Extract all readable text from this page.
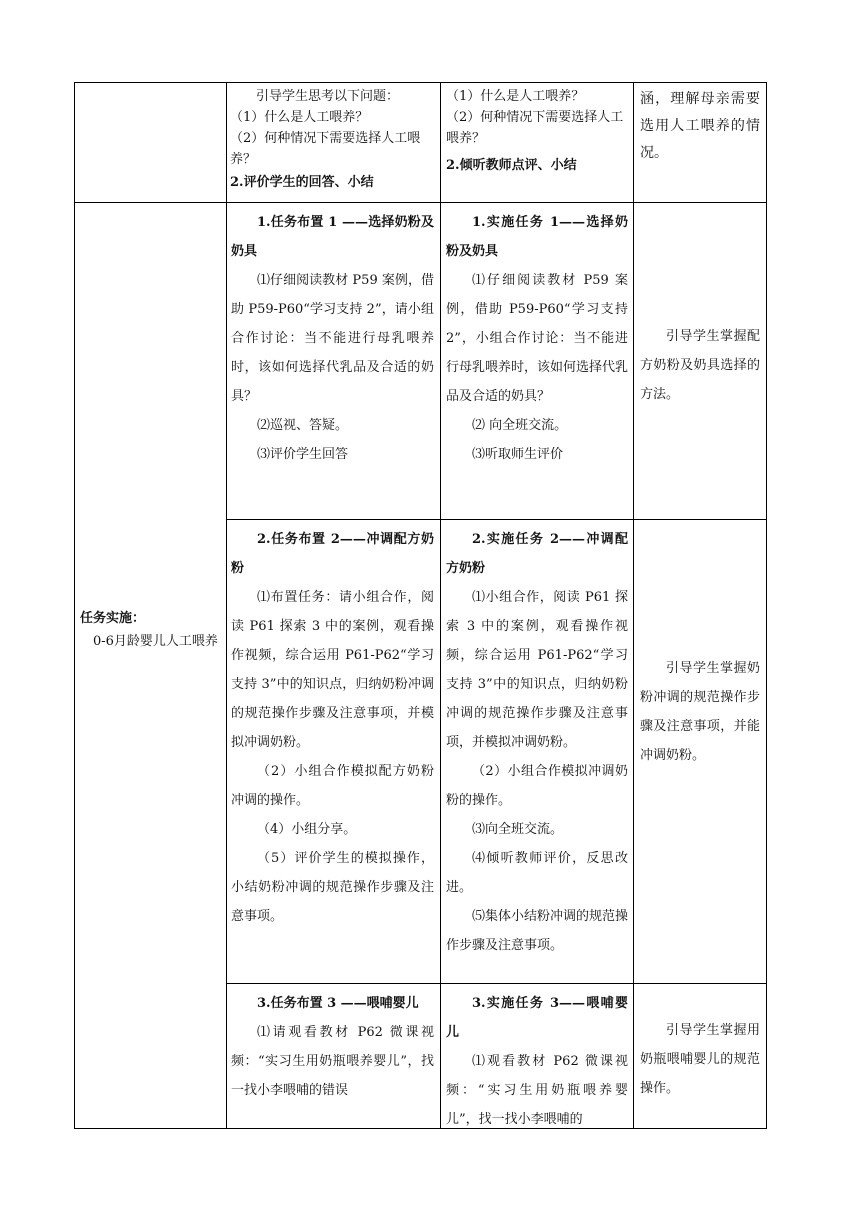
引导学生思考以下问题：

（1）什么是人工喂养？

（2）何种情况下需要选择人工喂养？

2.评价学生的回答、小结

（1）什么是人工喂养？

（2）何种情况下需要选择人工喂养？

2.倾听教师点评、小结

涵，理解母亲需要选用人工喂养的情况。

任务实施：

0-6月龄婴儿人工喂养

1.任务布置 1 ——选择奶粉及奶具

⑴仔细阅读教材 P59 案例，借助 P59-P60“学习支持 2”，请小组合作讨论：当不能进行母乳喂养时，该如何选择代乳品及合适的奶具？

⑵巡视、答疑。

⑶评价学生回答

1.实施任务 1——选择奶粉及奶具

⑴仔细阅读教材 P59 案例，借助 P59-P60“学习支持 2”，小组合作讨论：当不能进行母乳喂养时，该如何选择代乳品及合适的奶具？

⑵ 向全班交流。

⑶听取师生评价

引导学生掌握配方奶粉及奶具选择的方法。

2.任务布置 2——冲调配方奶粉

⑴布置任务：请小组合作，阅读 P61 探索 3 中的案例，观看操作视频，综合运用 P61-P62“学习支持 3”中的知识点，归纳奶粉冲调的规范操作步骤及注意事项，并模拟冲调奶粉。

（2）小组合作模拟配方奶粉冲调的操作。

（4）小组分享。

（5）评价学生的模拟操作，小结奶粉冲调的规范操作步骤及注意事项。

2.实施任务 2——冲调配方奶粉

⑴小组合作，阅读 P61 探索 3 中的案例，观看操作视频，综合运用 P61-P62“学习支持 3”中的知识点，归纳奶粉冲调的规范操作步骤及注意事项，并模拟冲调奶粉。

（2）小组合作模拟冲调奶粉的操作。

⑶向全班交流。

⑷倾听教师评价，反思改进。

⑸集体小结粉冲调的规范操作步骤及注意事项。

引导学生掌握奶粉冲调的规范操作步骤及注意事项，并能冲调奶粉。

3.任务布置 3 ——喂哺婴儿

⑴请观看教材 P62 微课视频：“实习生用奶瓶喂养婴儿”，找一找小李喂哺的错误

3.实施任务 3——喂哺婴儿

⑴观看教材 P62 微课视频：“实习生用奶瓶喂养婴儿”，找一找小李喂哺的

引导学生掌握用奶瓶喂哺婴儿的规范操作。
